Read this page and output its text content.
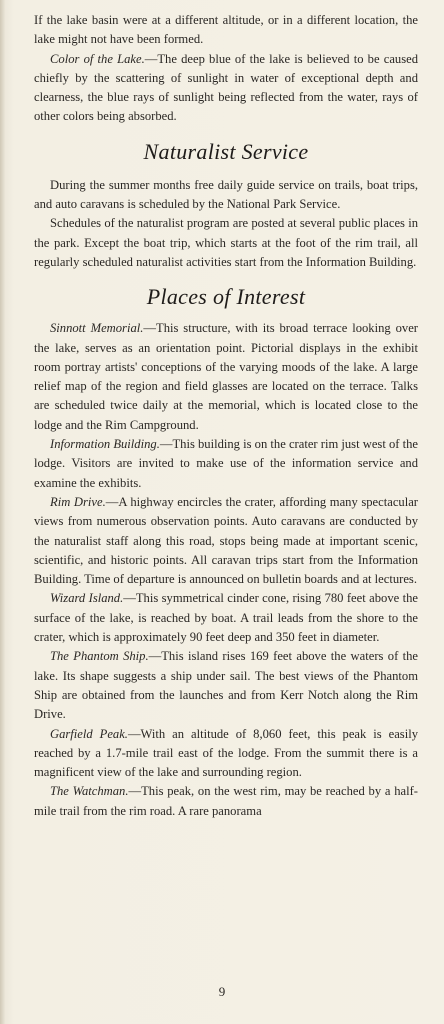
If the lake basin were at a different altitude, or in a different location, the lake might not have been formed.

Color of the Lake.—The deep blue of the lake is believed to be caused chiefly by the scattering of sunlight in water of exceptional depth and clearness, the blue rays of sunlight being reflected from the water, rays of other colors being absorbed.

Naturalist Service

During the summer months free daily guide service on trails, boat trips, and auto caravans is scheduled by the National Park Service.

Schedules of the naturalist program are posted at several public places in the park. Except the boat trip, which starts at the foot of the rim trail, all regularly scheduled naturalist activities start from the Information Building.

Places of Interest

Sinnott Memorial.—This structure, with its broad terrace looking over the lake, serves as an orientation point. Pictorial displays in the exhibit room portray artists' conceptions of the varying moods of the lake. A large relief map of the region and field glasses are located on the terrace. Talks are scheduled twice daily at the memorial, which is located close to the lodge and the Rim Campground.

Information Building.—This building is on the crater rim just west of the lodge. Visitors are invited to make use of the information service and examine the exhibits.

Rim Drive.—A highway encircles the crater, affording many spectacular views from numerous observation points. Auto caravans are conducted by the naturalist staff along this road, stops being made at important scenic, scientific, and historic points. All caravan trips start from the Information Building. Time of departure is announced on bulletin boards and at lectures.

Wizard Island.—This symmetrical cinder cone, rising 780 feet above the surface of the lake, is reached by boat. A trail leads from the shore to the crater, which is approximately 90 feet deep and 350 feet in diameter.

The Phantom Ship.—This island rises 169 feet above the waters of the lake. Its shape suggests a ship under sail. The best views of the Phantom Ship are obtained from the launches and from Kerr Notch along the Rim Drive.

Garfield Peak.—With an altitude of 8,060 feet, this peak is easily reached by a 1.7-mile trail east of the lodge. From the summit there is a magnificent view of the lake and surrounding region.

The Watchman.—This peak, on the west rim, may be reached by a half-mile trail from the rim road. A rare panorama

9
